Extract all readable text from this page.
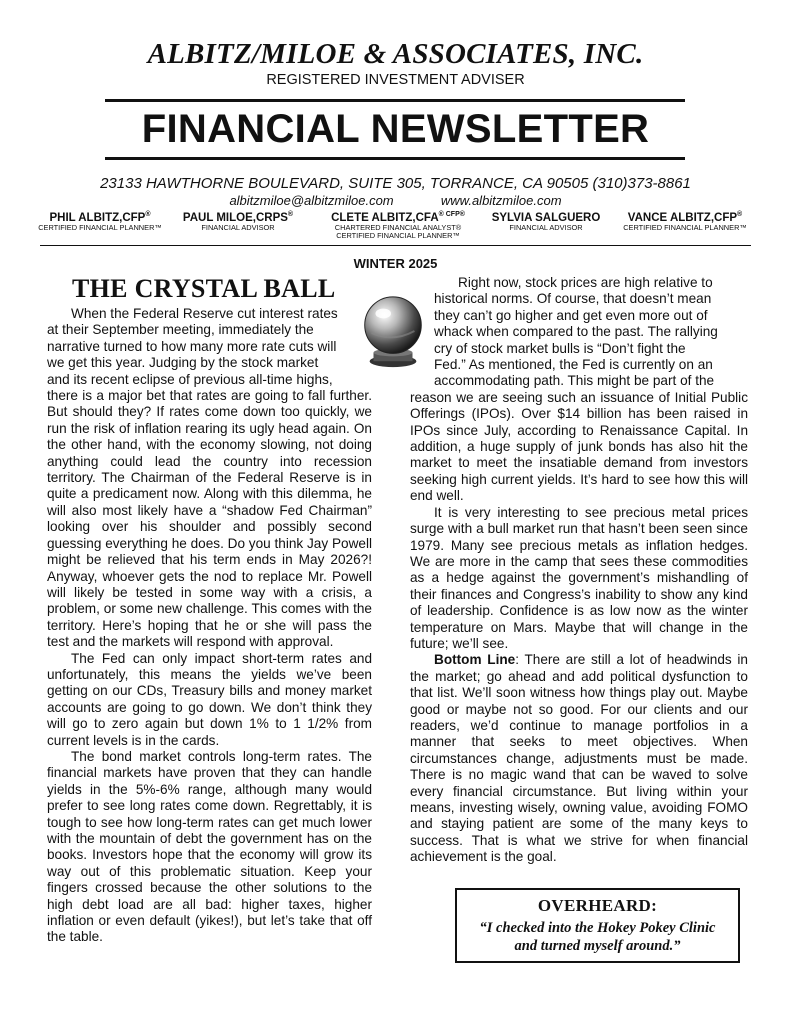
ALBITZ/MILOE & ASSOCIATES, INC.
REGISTERED INVESTMENT ADVISER
FINANCIAL NEWSLETTER
23133 HAWTHORNE BOULEVARD, SUITE 305, TORRANCE, CA 90505 (310)373-8861
albitzmiloe@albitzmiloe.com	www.albitzmiloe.com
PHIL ALBITZ,CFP®
CERTIFIED FINANCIAL PLANNER™
PAUL MILOE,CRPS®
FINANCIAL ADVISOR
CLETE $ALBITZ,CFA^{® CFP®}$
CHARTERED FINANCIAL ANALYST®
CERTIFIED FINANCIAL PLANNER™
SYLVIA SALGUERO
FINANCIAL ADVISOR
VANCE ALBITZ,CFP®
CERTIFIED FINANCIAL PLANNER™
WINTER 2025
THE CRYSTAL BALL
When the Federal Reserve cut interest rates
at their September meeting, immediately the
narrative turned to how many more rate cuts will
we get this year. Judging by the stock market
and its recent eclipse of previous all-time highs,

there is a major bet that rates are going to fall further. But should they? If rates come down too quickly, we run the risk of inflation rearing its ugly head again. On the other hand, with the economy slowing, not doing anything could lead the country into recession territory. The Chairman of the Federal Reserve is in quite a predicament now. Along with this dilemma, he will also most likely have a “shadow Fed Chairman” looking over his shoulder and possibly second guessing everything he does. Do you think Jay Powell might be relieved that his term ends in May 2026?! Anyway, whoever gets the nod to replace Mr. Powell will likely be tested in some way with a crisis, a problem, or some new challenge. This comes with the territory. Here’s hoping that he or she will pass the test and the markets will respond with approval.

The Fed can only impact short-term rates and unfortunately, this means the yields we’ve been getting on our CDs, Treasury bills and money market accounts are going to go down. We don’t think they will go to zero again but down 1% to 1 1/2% from current levels is in the cards.

The bond market controls long-term rates. The financial markets have proven that they can handle yields in the 5%-6% range, although many would prefer to see long rates come down. Regrettably, it is tough to see how long-term rates can get much lower with the mountain of debt the government has on the books. Investors hope that the economy will grow its way out of this problematic situation. Keep your fingers crossed because the other solutions to the high debt load are all bad: higher taxes, higher inflation or even default (yikes!), but let’s take that off the table.

Right now, stock prices are high relative to
historical norms. Of course, that doesn’t mean
they can’t go higher and get even more out of
whack when compared to the past. The rallying
cry of stock market bulls is “Don’t fight the
Fed.” As mentioned, the Fed is currently on an
accommodating path. This might be part of the

reason we are seeing such an issuance of Initial Public Offerings (IPOs). Over $14 billion has been raised in IPOs since July, according to Renaissance Capital. In addition, a huge supply of junk bonds has also hit the market to meet the insatiable demand from investors seeking high current yields. It’s hard to see how this will end well.

It is very interesting to see precious metal prices surge with a bull market run that hasn’t been seen since 1979. Many see precious metals as inflation hedges. We are more in the camp that sees these commodities as a hedge against the government’s mishandling of their finances and Congress’s inability to show any kind of leadership. Confidence is as low now as the winter temperature on Mars. Maybe that will change in the future; we’ll see.

Bottom Line: There are still a lot of headwinds in the market; go ahead and add political dysfunction to that list. We’ll soon witness how things play out. Maybe good or maybe not so good. For our clients and our readers, we’d continue to manage portfolios in a manner that seeks to meet objectives. When circumstances change, adjustments must be made. There is no magic wand that can be waved to solve every financial circumstance. But living within your means, investing wisely, owning value, avoiding FOMO and staying patient are some of the many keys to success. That is what we strive for when financial achievement is the goal.

OVERHEARD:
“I checked into the Hokey Pokey Clinic
and turned myself around.”
